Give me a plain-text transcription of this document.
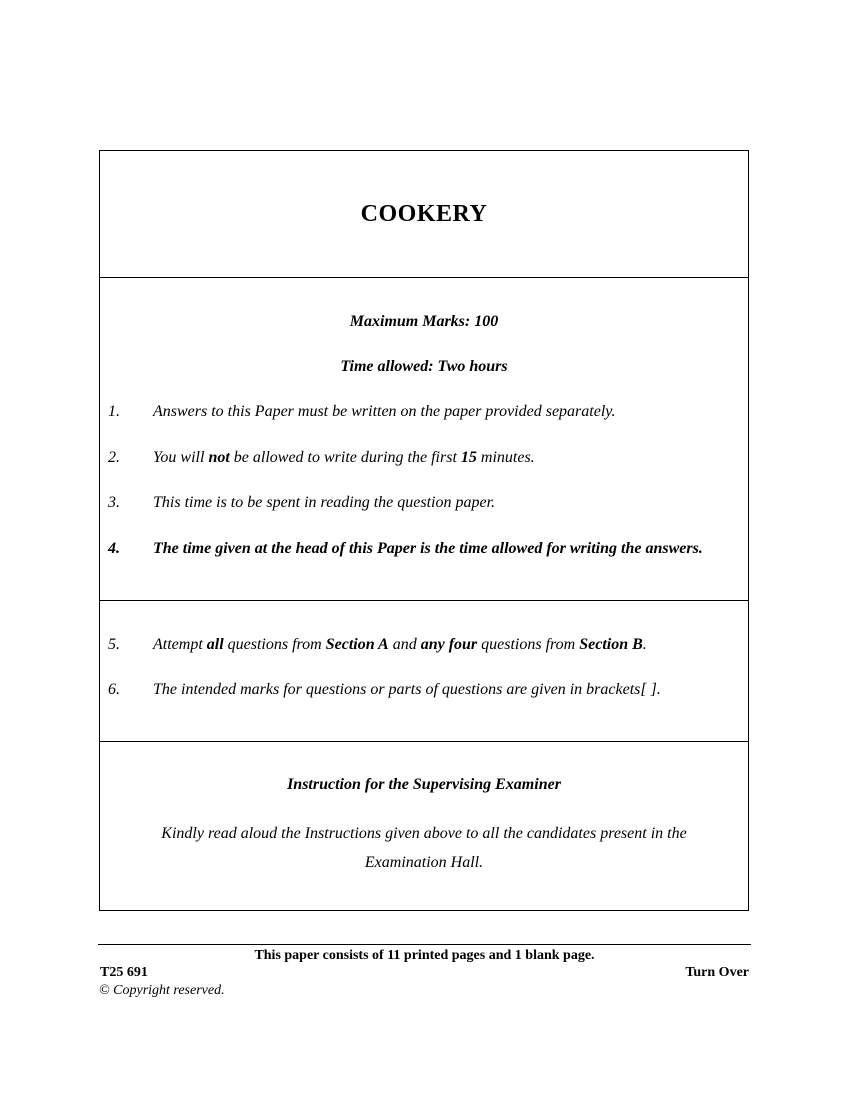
COOKERY
Maximum Marks: 100
Time allowed: Two hours
1.	Answers to this Paper must be written on the paper provided separately.
2.	You will not be allowed to write during the first 15 minutes.
3.	This time is to be spent in reading the question paper.
4.	The time given at the head of this Paper is the time allowed for writing the answers.
5.	Attempt all questions from Section A and any four questions from Section B.
6.	The intended marks for questions or parts of questions are given in brackets[ ].
Instruction for the Supervising Examiner
Kindly read aloud the Instructions given above to all the candidates present in the
Examination Hall.
This paper consists of 11 printed pages and 1 blank page.
T25 691	Turn Over
© Copyright reserved.
